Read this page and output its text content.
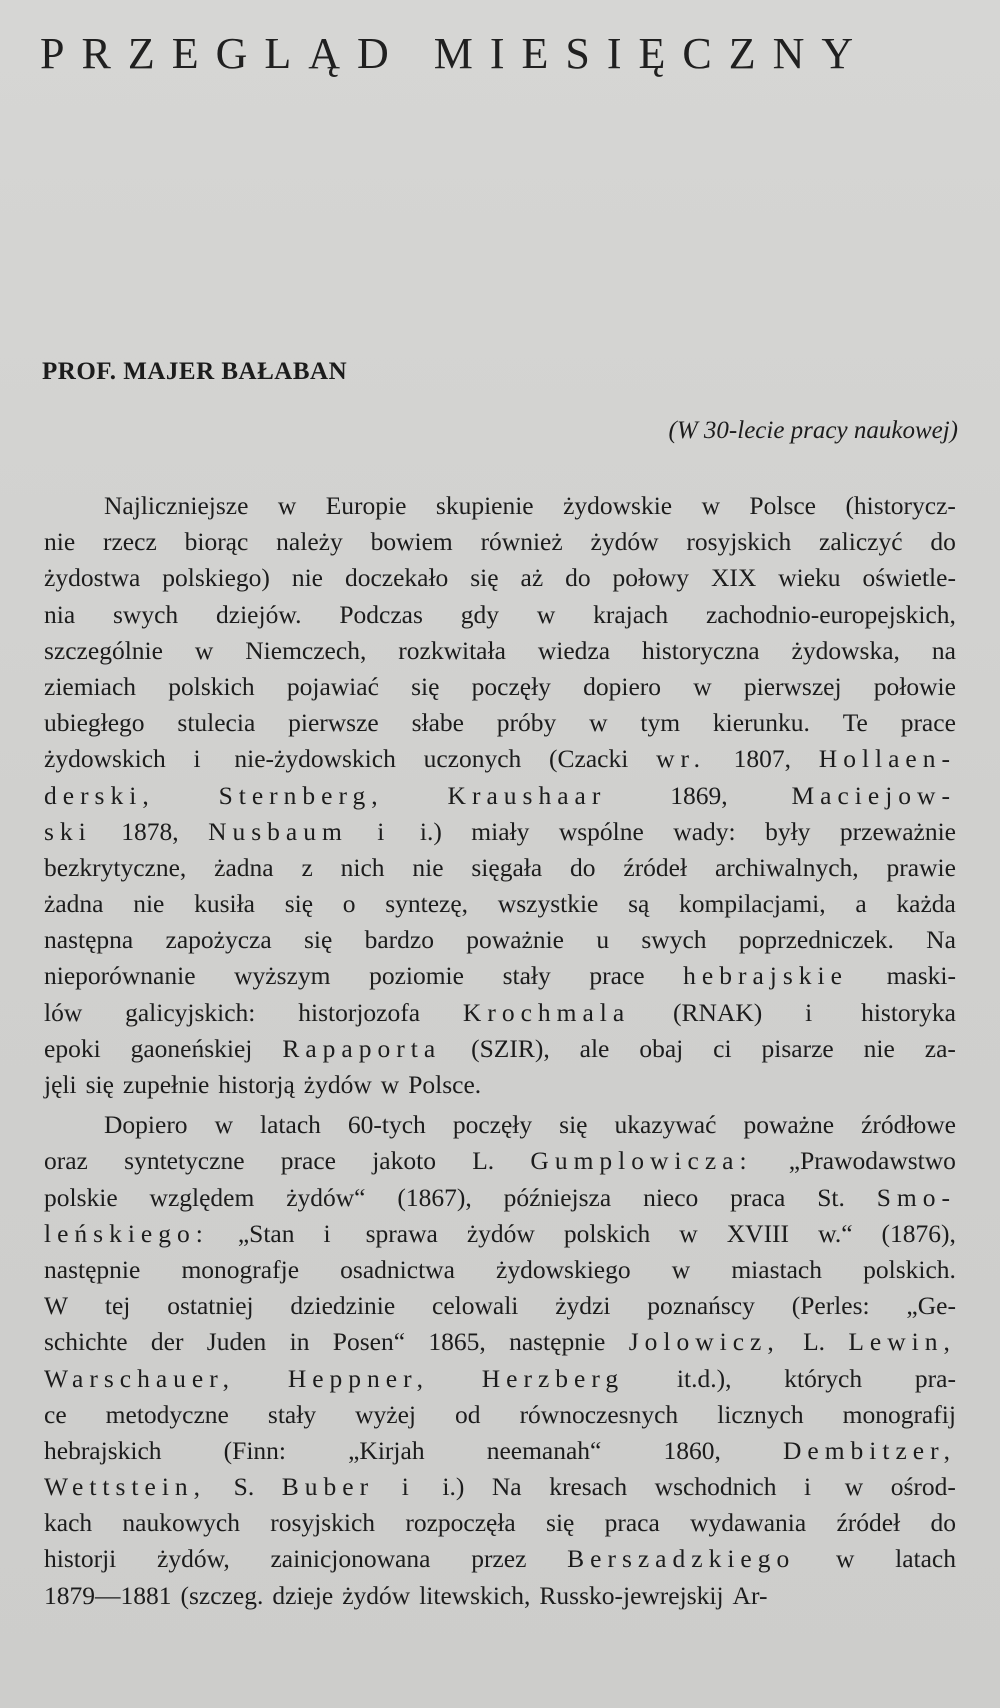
PRZEGLĄD MIESIĘCZNY
PROF. MAJER BAŁABAN
(W 30-lecie pracy naukowej)
Najliczniejsze w Europie skupienie żydowskie w Polsce (historycz-
nie rzecz biorąc należy bowiem również żydów rosyjskich zaliczyć do
żydostwa polskiego) nie doczekało się aż do połowy XIX wieku oświetle-
nia swych dziejów. Podczas gdy w krajach zachodnio-europejskich,
szczególnie w Niemczech, rozkwitała wiedza historyczna żydowska, na
ziemiach polskich pojawiać się poczęły dopiero w pierwszej połowie
ubiegłego stulecia pierwsze słabe próby w tym kierunku. Te prace
żydowskich i nie-żydowskich uczonych (Czacki wr. 1807, Hollaen-
derski,	Sternberg,	Kraushaar	1869,	Maciejow-
ski 1878, Nusbaum i i.) miały wspólne wady: były przeważnie
bezkrytyczne, żadna z nich nie sięgała do źródeł archiwalnych, prawie
żadna nie kusiła się o syntezę, wszystkie są kompilacjami, a każda
następna zapożycza się bardzo poważnie u swych poprzedniczek. Na
nieporównanie wyższym poziomie stały prace hebrajskie maski-
lów galicyjskich: historjozofa Krochmala (RNAK) i historyka
epoki gaoneńskiej Rapaporta (SZIR), ale obaj ci pisarze nie za-
jęli się zupełnie historją żydów w Polsce.
Dopiero w latach 60-tych poczęły się ukazywać poważne źródłowe
oraz syntetyczne prace jakoto L. Gumplowicza: „Prawodawstwo
polskie względem żydów“ (1867), późniejsza nieco praca St. Smo-
leńskiego: „Stan i sprawa żydów polskich w XVIII w.“ (1876),
następnie monografje osadnictwa żydowskiego w miastach polskich.
W tej ostatniej dziedzinie celowali żydzi poznańscy (Perles: „Ge-
schichte der Juden in Posen“ 1865, następnie Jolowicz, L. Lewin,
Warschauer, Heppner, Herzberg it.d.), których pra-
ce metodyczne stały wyżej od równoczesnych licznych monografij
hebrajskich (Finn: „Kirjah neemanah“ 1860, Dembitzer,
Wettstein, S. Buber i i.) Na kresach wschodnich i w ośrod-
kach naukowych rosyjskich rozpoczęła się praca wydawania źródeł do
historji żydów, zainicjonowana przez Berszadzkiego w latach
1879—1881 (szczeg. dzieje żydów litewskich, Russko-jewrejskij Ar-
